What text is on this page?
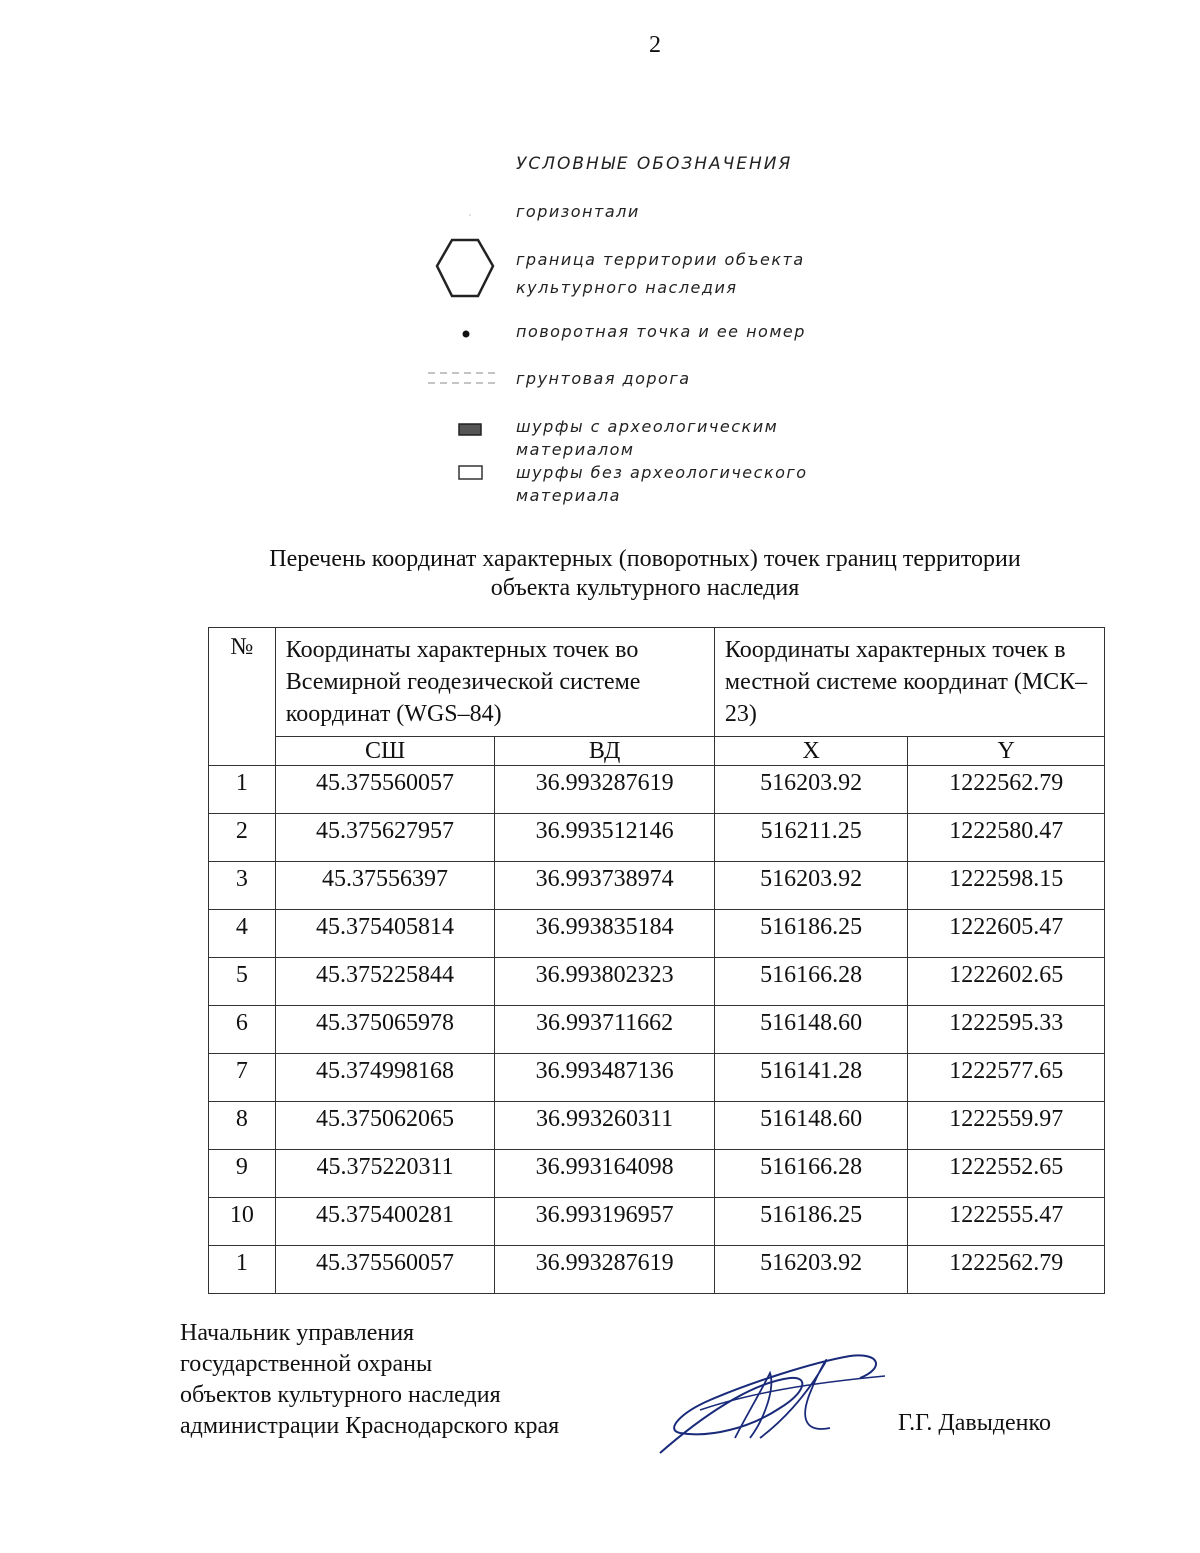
2
УСЛОВНЫЕ ОБОЗНАЧЕНИЯ
горизонтали
граница территории объекта
культурного наследия
поворотная точка и ее номер
грунтовая дорога
шурфы с археологическим
материалом
шурфы без археологического
материала
Перечень координат характерных (поворотных) точек границ территории
объекта культурного наследия
№	Координаты характерных точек во Всемирной геодезической системе координат (WGS–84)		Координаты характерных точек в местной системе координат (МСК–23)	
	СШ	ВД	X	Y
1	45.375560057	36.993287619	516203.92	1222562.79
2	45.375627957	36.993512146	516211.25	1222580.47
3	45.37556397	36.993738974	516203.92	1222598.15
4	45.375405814	36.993835184	516186.25	1222605.47
5	45.375225844	36.993802323	516166.28	1222602.65
6	45.375065978	36.993711662	516148.60	1222595.33
7	45.374998168	36.993487136	516141.28	1222577.65
8	45.375062065	36.993260311	516148.60	1222559.97
9	45.375220311	36.993164098	516166.28	1222552.65
10	45.375400281	36.993196957	516186.25	1222555.47
1	45.375560057	36.993287619	516203.92	1222562.79
Начальник управления
государственной охраны
объектов культурного наследия
администрации Краснодарского края	Г.Г. Давыденко
